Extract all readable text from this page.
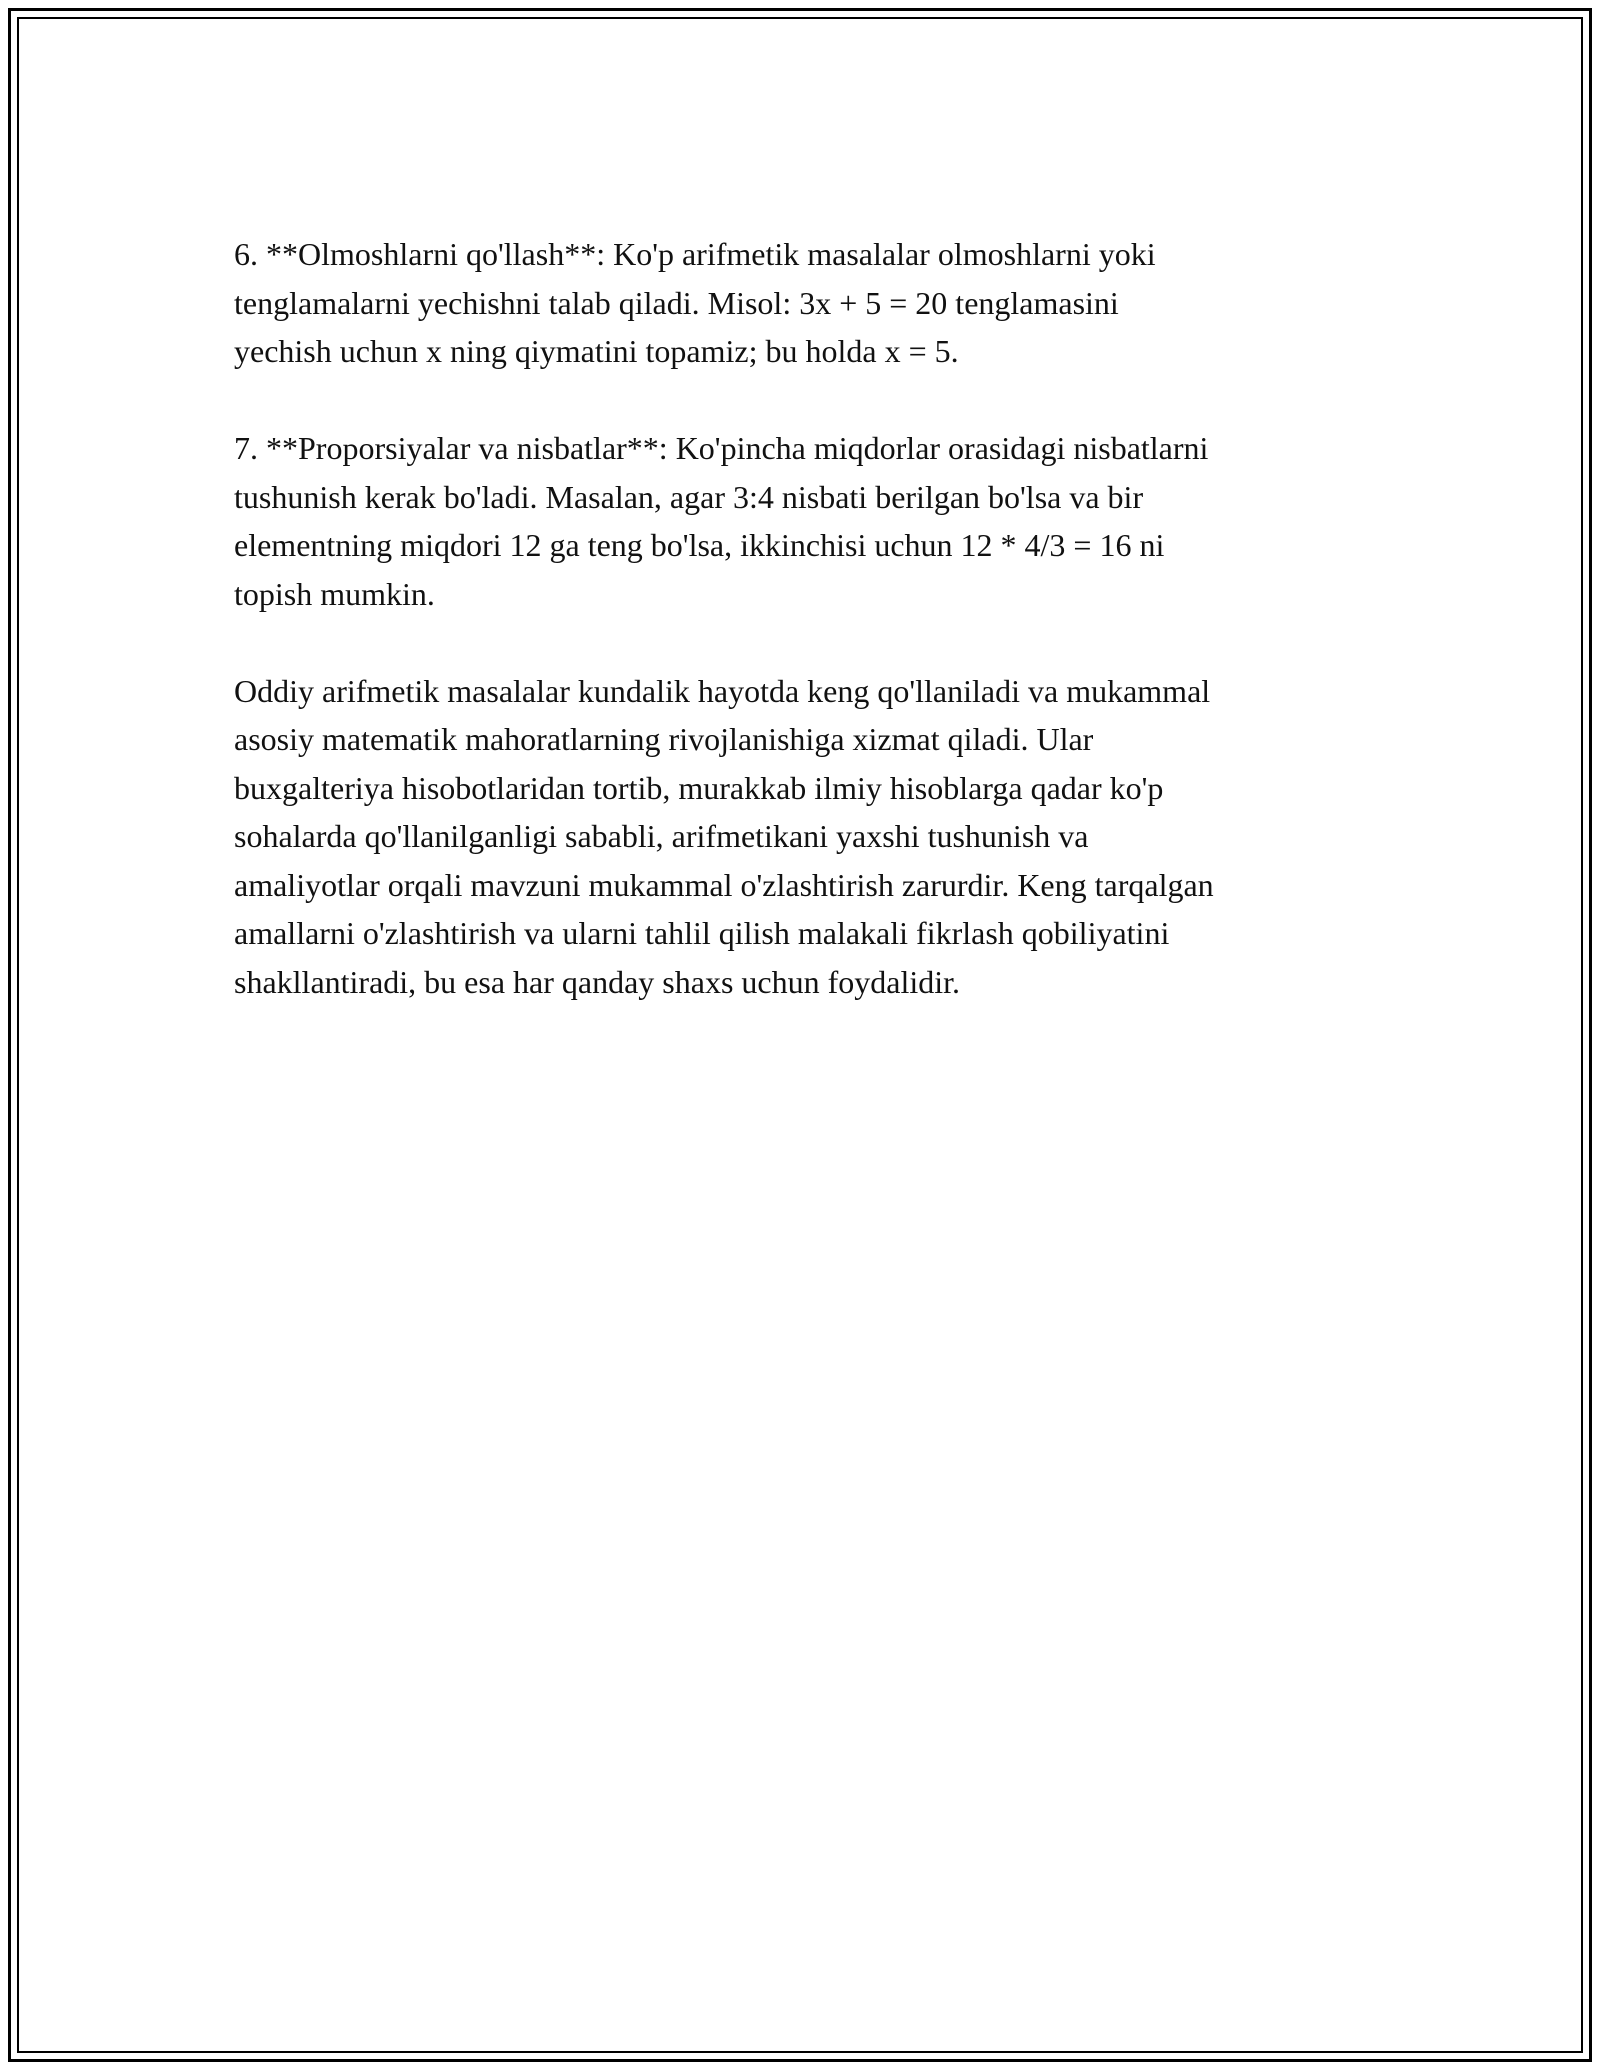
6. **Olmoshlarni qo'llash**: Ko'p arifmetik masalalar olmoshlarni yoki
tenglamalarni yechishni talab qiladi. Misol: 3x + 5 = 20 tenglamasini
yechish uchun x ning qiymatini topamiz; bu holda x = 5.

7. **Proporsiyalar va nisbatlar**: Ko'pincha miqdorlar orasidagi nisbatlarni
tushunish kerak bo'ladi. Masalan, agar 3:4 nisbati berilgan bo'lsa va bir
elementning miqdori 12 ga teng bo'lsa, ikkinchisi uchun 12 * 4/3 = 16 ni
topish mumkin.

Oddiy arifmetik masalalar kundalik hayotda keng qo'llaniladi va mukammal
asosiy matematik mahoratlarning rivojlanishiga xizmat qiladi. Ular
buxgalteriya hisobotlaridan tortib, murakkab ilmiy hisoblarga qadar ko'p
sohalarda qo'llanilganligi sababli, arifmetikani yaxshi tushunish va
amaliyotlar orqali mavzuni mukammal o'zlashtirish zarurdir. Keng tarqalgan
amallarni o'zlashtirish va ularni tahlil qilish malakali fikrlash qobiliyatini
shakllantiradi, bu esa har qanday shaxs uchun foydalidir.
